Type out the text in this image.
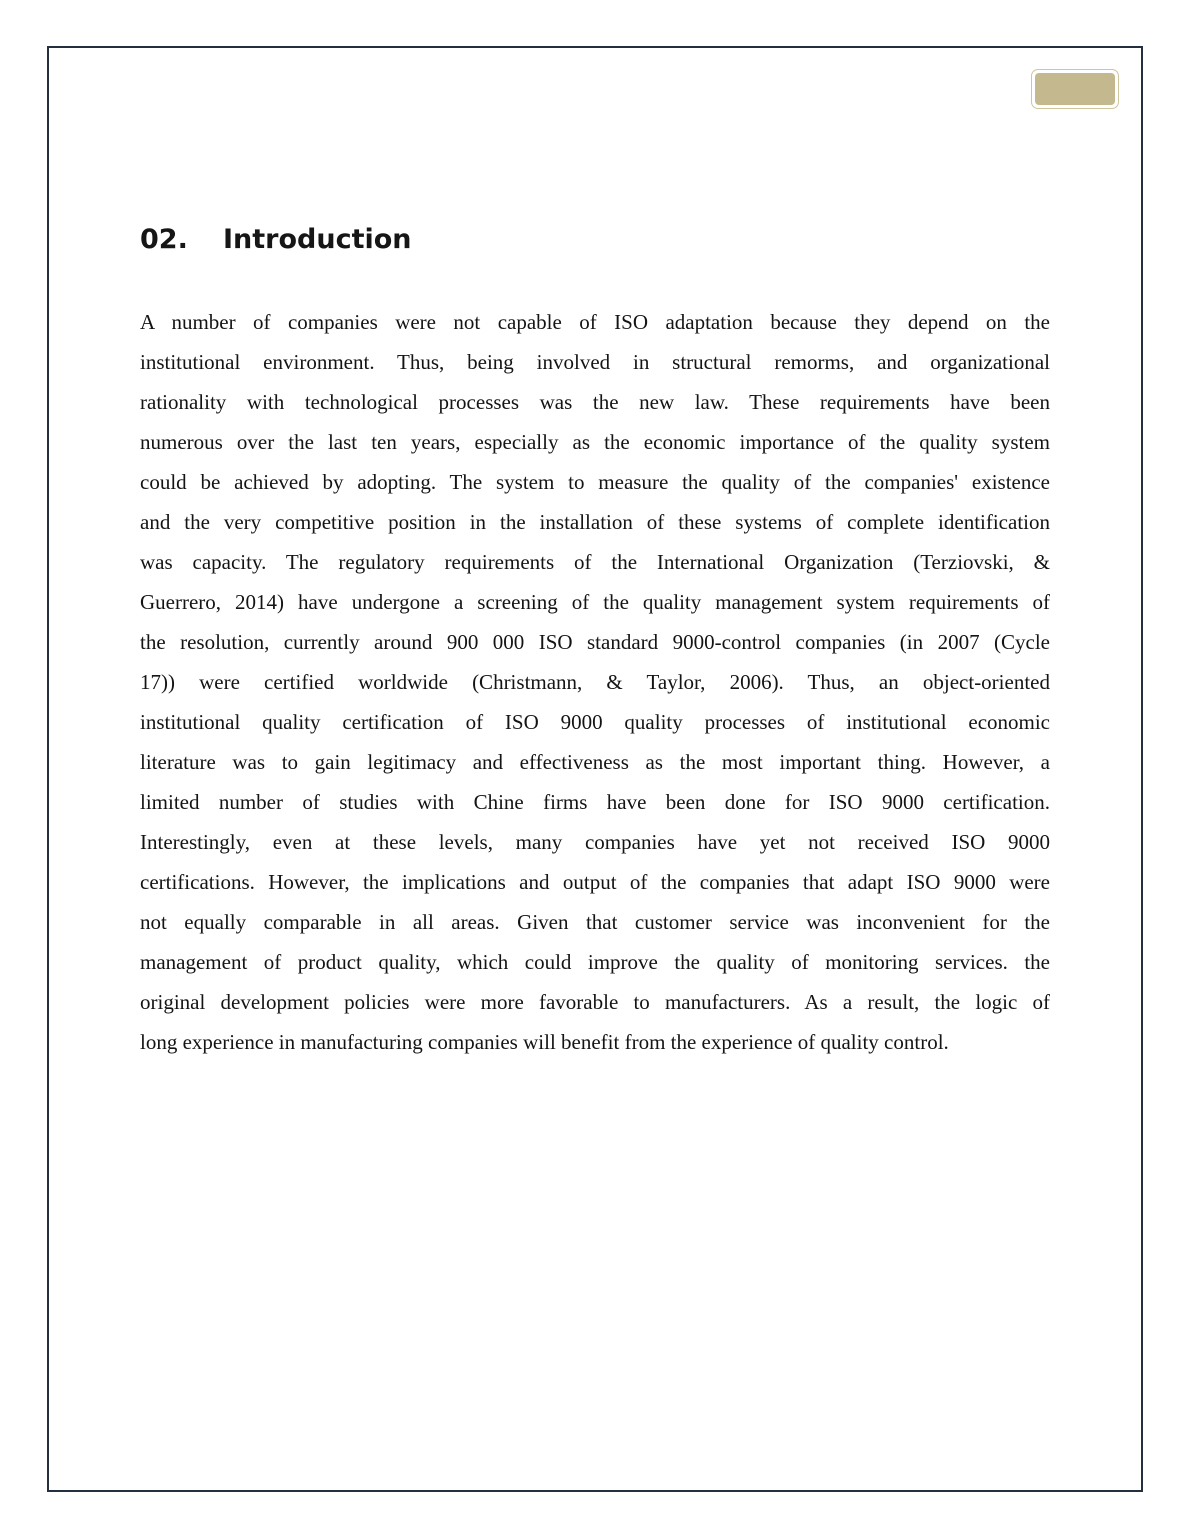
02. Introduction
A number of companies were not capable of ISO adaptation because they depend on the
institutional environment. Thus, being involved in structural remorms, and organizational
rationality with technological processes was the new law. These requirements have been
numerous over the last ten years, especially as the economic importance of the quality system
could be achieved by adopting. The system to measure the quality of the companies' existence
and the very competitive position in the installation of these systems of complete identification
was capacity. The regulatory requirements of the International Organization (Terziovski, &
Guerrero, 2014) have undergone a screening of the quality management system requirements of
the resolution, currently around 900 000 ISO standard 9000-control companies (in 2007 (Cycle
17)) were certified worldwide (Christmann, & Taylor, 2006). Thus, an object-oriented
institutional quality certification of ISO 9000 quality processes of institutional economic
literature was to gain legitimacy and effectiveness as the most important thing. However, a
limited number of studies with Chine firms have been done for ISO 9000 certification.
Interestingly, even at these levels, many companies have yet not received ISO 9000
certifications. However, the implications and output of the companies that adapt ISO 9000 were
not equally comparable in all areas. Given that customer service was inconvenient for the
management of product quality, which could improve the quality of monitoring services. the
original development policies were more favorable to manufacturers. As a result, the logic of
long experience in manufacturing companies will benefit from the experience of quality control.
